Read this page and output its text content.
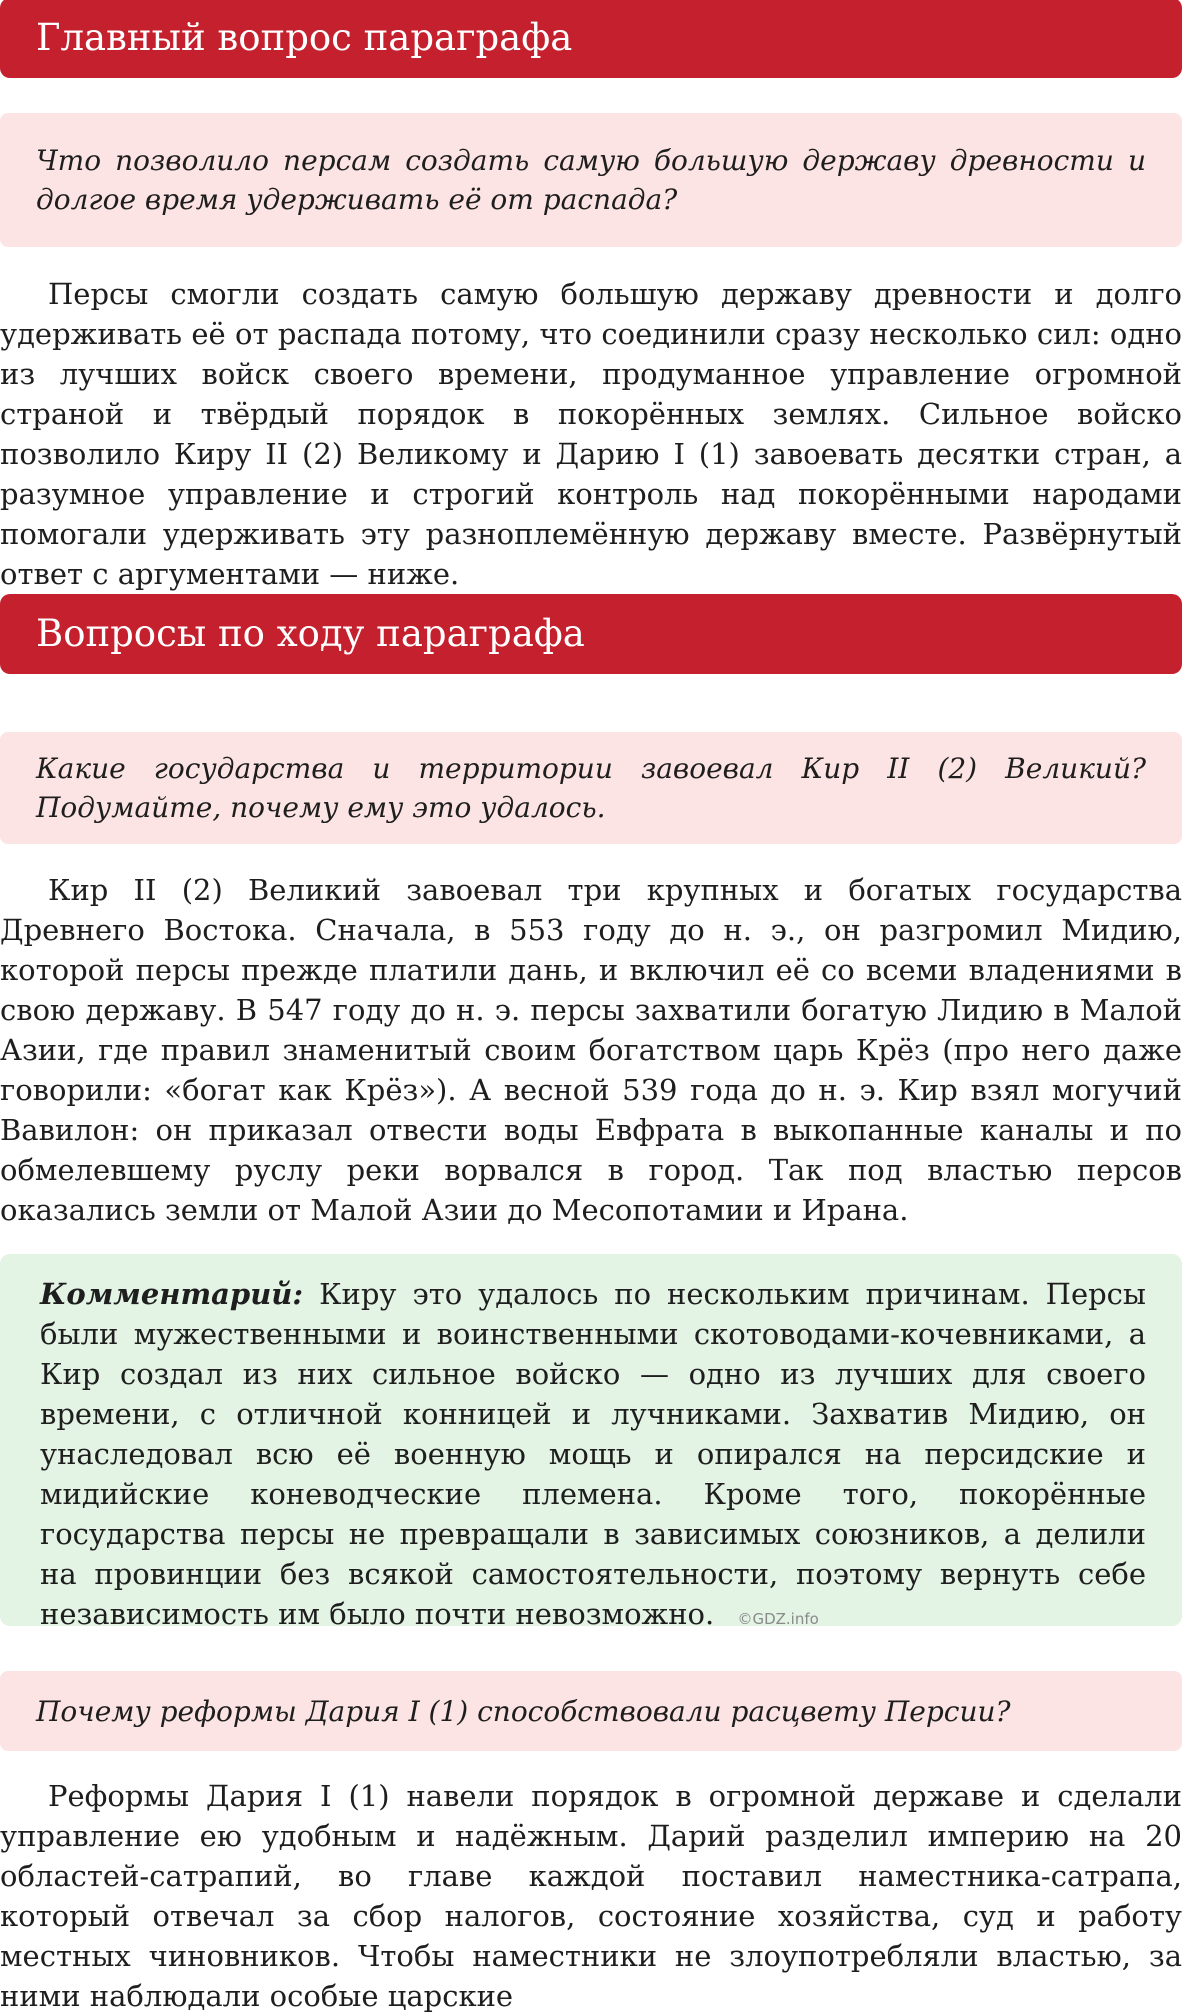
Главный вопрос параграфа
Что позволило персам создать самую большую державу древности и долгое время удерживать её от распада?

Персы смогли создать самую большую державу древности и долго удерживать её от распада потому, что соединили сразу несколько сил: одно из лучших войск своего времени, продуманное управление огромной страной и твёрдый порядок в покорённых землях. Сильное войско позволило Киру II (2) Великому и Дарию I (1) завоевать десятки стран, а разумное управление и строгий контроль над покорёнными народами помогали удерживать эту разноплемённую державу вместе. Развёрнутый ответ с аргументами — ниже.

Вопросы по ходу параграфа
Какие государства и территории завоевал Кир II (2) Великий? Подумайте, почему ему это удалось.

Кир II (2) Великий завоевал три крупных и богатых государства Древнего Востока. Сначала, в 553 году до н. э., он разгромил Мидию, которой персы прежде платили дань, и включил её со всеми владениями в свою державу. В 547 году до н. э. персы захватили богатую Лидию в Малой Азии, где правил знаменитый своим богатством царь Крёз (про него даже говорили: «богат как Крёз»). А весной 539 года до н. э. Кир взял могучий Вавилон: он приказал отвести воды Евфрата в выкопанные каналы и по обмелевшему руслу реки ворвался в город. Так под властью персов оказались земли от Малой Азии до Месопотамии и Ирана.

Комментарий: Киру это удалось по нескольким причинам. Персы были мужественными и воинственными скотоводами-кочевниками, а Кир создал из них сильное войско — одно из лучших для своего времени, с отличной конницей и лучниками. Захватив Мидию, он унаследовал всю её военную мощь и опирался на персидские и мидийские коневодческие племена. Кроме того, покорённые государства персы не превращали в зависимых союзников, а делили на провинции без всякой самостоятельности, поэтому вернуть себе независимость им было почти невозможно. ©GDZ.info
Почему реформы Дария I (1) способствовали расцвету Персии?

Реформы Дария I (1) навели порядок в огромной державе и сделали управление ею удобным и надёжным. Дарий разделил империю на 20 областей-сатрапий, во главе каждой поставил наместника-сатрапа, который отвечал за сбор налогов, состояние хозяйства, суд и работу местных чиновников. Чтобы наместники не злоупотребляли властью, за ними наблюдали особые царские
